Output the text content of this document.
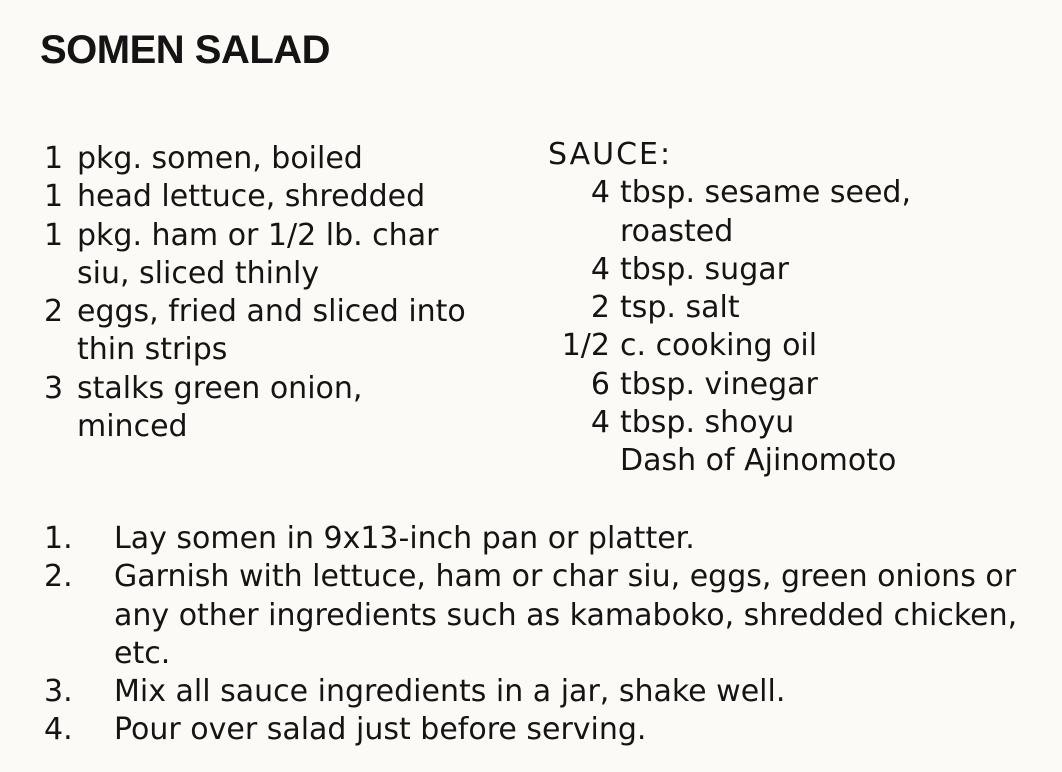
SOMEN SALAD
1 pkg. somen, boiled
1 head lettuce, shredded
1 pkg. ham or 1/2 lb. char siu, sliced thinly
2 eggs, fried and sliced into thin strips
3 stalks green onion, minced
SAUCE:
4 tbsp. sesame seed, roasted
4 tbsp. sugar
2 tsp. salt
1/2 c. cooking oil
6 tbsp. vinegar
4 tbsp. shoyu
Dash of Ajinomoto
1.	Lay somen in 9x13-inch pan or platter.
2.	Garnish with lettuce, ham or char siu, eggs, green onions or any other ingredients such as kamaboko, shredded chicken, etc.
3.	Mix all sauce ingredients in a jar, shake well.
4.	Pour over salad just before serving.
